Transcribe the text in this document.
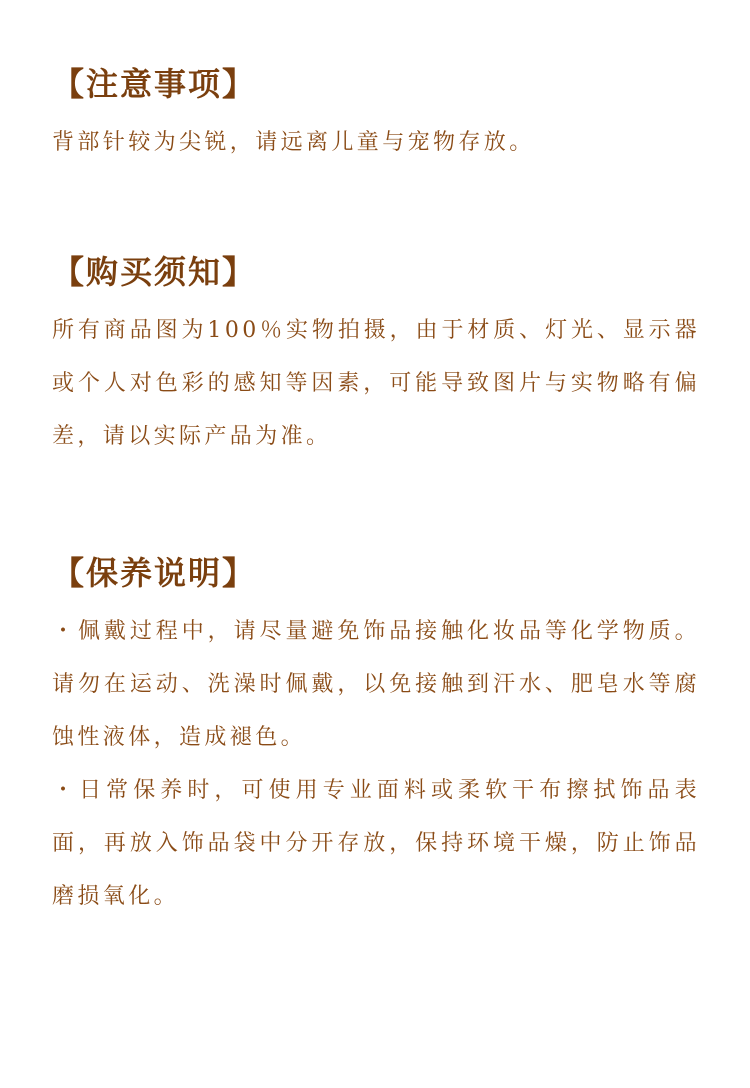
【注意事项】

背部针较为尖锐，请远离儿童与宠物存放。

【购买须知】

所有商品图为100％实物拍摄，由于材质、灯光、显示器或个人对色彩的感知等因素，可能导致图片与实物略有偏差，请以实际产品为准。

【保养说明】

・佩戴过程中，请尽量避免饰品接触化妆品等化学物质。请勿在运动、洗澡时佩戴，以免接触到汗水、肥皂水等腐蚀性液体，造成褪色。

・日常保养时，可使用专业面料或柔软干布擦拭饰品表面，再放入饰品袋中分开存放，保持环境干燥，防止饰品磨损氧化。
